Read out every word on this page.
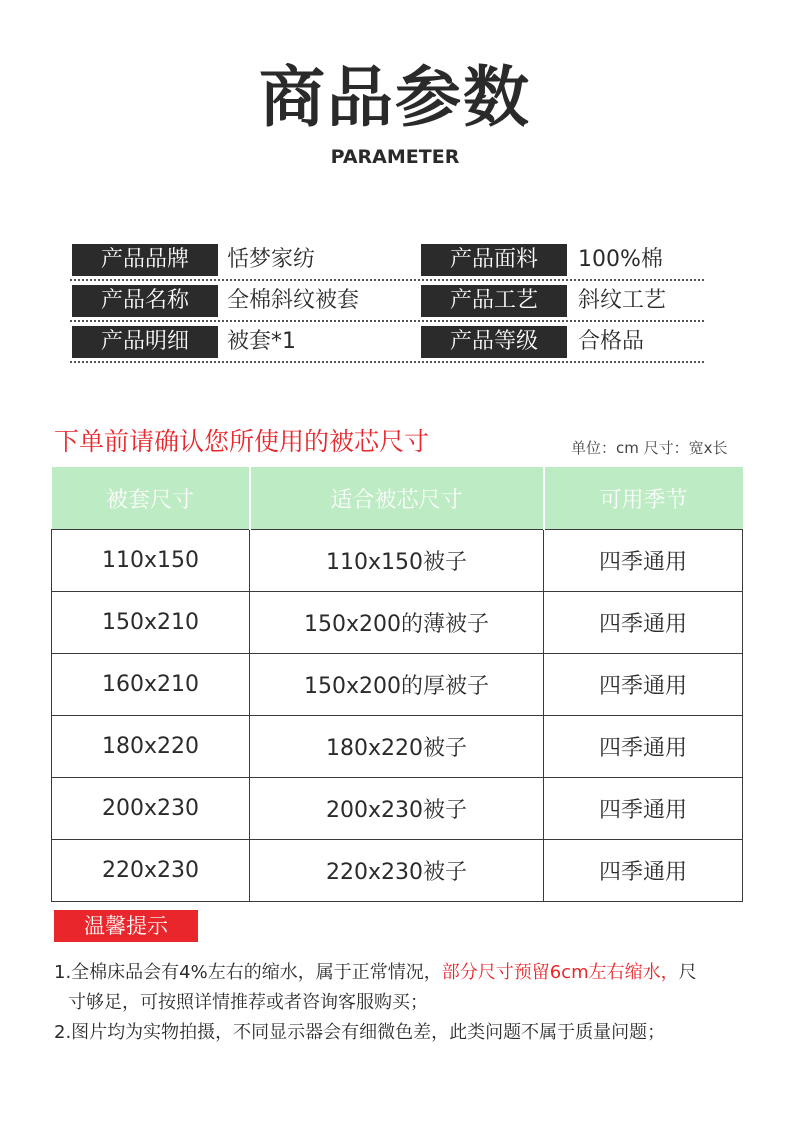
商品参数
PARAMETER
产品品牌	恬梦家纺	产品面料	100%棉
产品名称	全棉斜纹被套	产品工艺	斜纹工艺
产品明细	被套*1	产品等级	合格品
下单前请确认您所使用的被芯尺寸	单位：cm 尺寸：宽x长
被套尺寸	适合被芯尺寸	可用季节
110x150	110x150被子	四季通用
150x210	150x200的薄被子	四季通用
160x210	150x200的厚被子	四季通用
180x220	180x220被子	四季通用
200x230	200x230被子	四季通用
220x230	220x230被子	四季通用
温馨提示

1.全棉床品会有4%左右的缩水，属于正常情况，部分尺寸预留6cm左右缩水，尺

寸够足，可按照详情推荐或者咨询客服购买；

2.图片均为实物拍摄，不同显示器会有细微色差，此类问题不属于质量问题；
